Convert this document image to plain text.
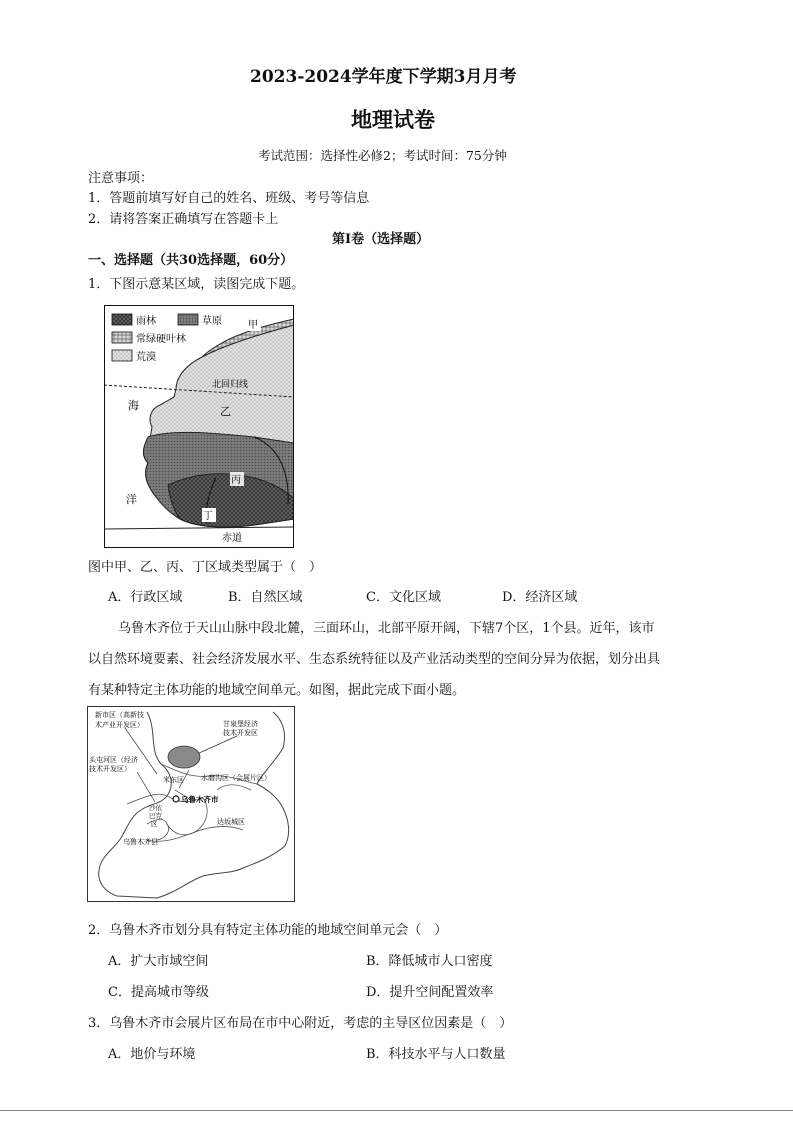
2023-2024学年度下学期3月月考
地理试卷
考试范围：选择性必修2；考试时间：75分钟
注意事项：
1．答题前填写好自己的姓名、班级、考号等信息
2．请将答案正确填写在答题卡上
第Ⅰ卷（选择题）
一、选择题（共30选择题，60分）
1．下图示意某区域，读图完成下题。
雨林	草原
常绿硬叶林
荒漠
甲
北回归线
海	乙
丙
洋
丁
赤道
图中甲、乙、丙、丁区域类型属于（　）
A．行政区域	B．自然区域	C．文化区域	D．经济区域
乌鲁木齐位于天山山脉中段北麓，三面环山，北部平原开阔，下辖7个区，1个县。近年，该市
以自然环境要素、社会经济发展水平、生态系统特征以及产业活动类型的空间分异为依据，划分出具
有某种特定主体功能的地域空间单元。如图，据此完成下面小题。
新市区（高新技
术产业开发区）	甘泉堡经济
技术开发区
头屯河区（经济
技术开发区）
米东区 水磨沟区（会展片区）
乌鲁木齐市
沙依
巴克
区	达坂城区
乌鲁木齐县
2．乌鲁木齐市划分具有特定主体功能的地域空间单元会（　）
A．扩大市域空间	B．降低城市人口密度
C．提高城市等级	D．提升空间配置效率
3．乌鲁木齐市会展片区布局在市中心附近，考虑的主导区位因素是（　）
A．地价与环境	B．科技水平与人口数量
